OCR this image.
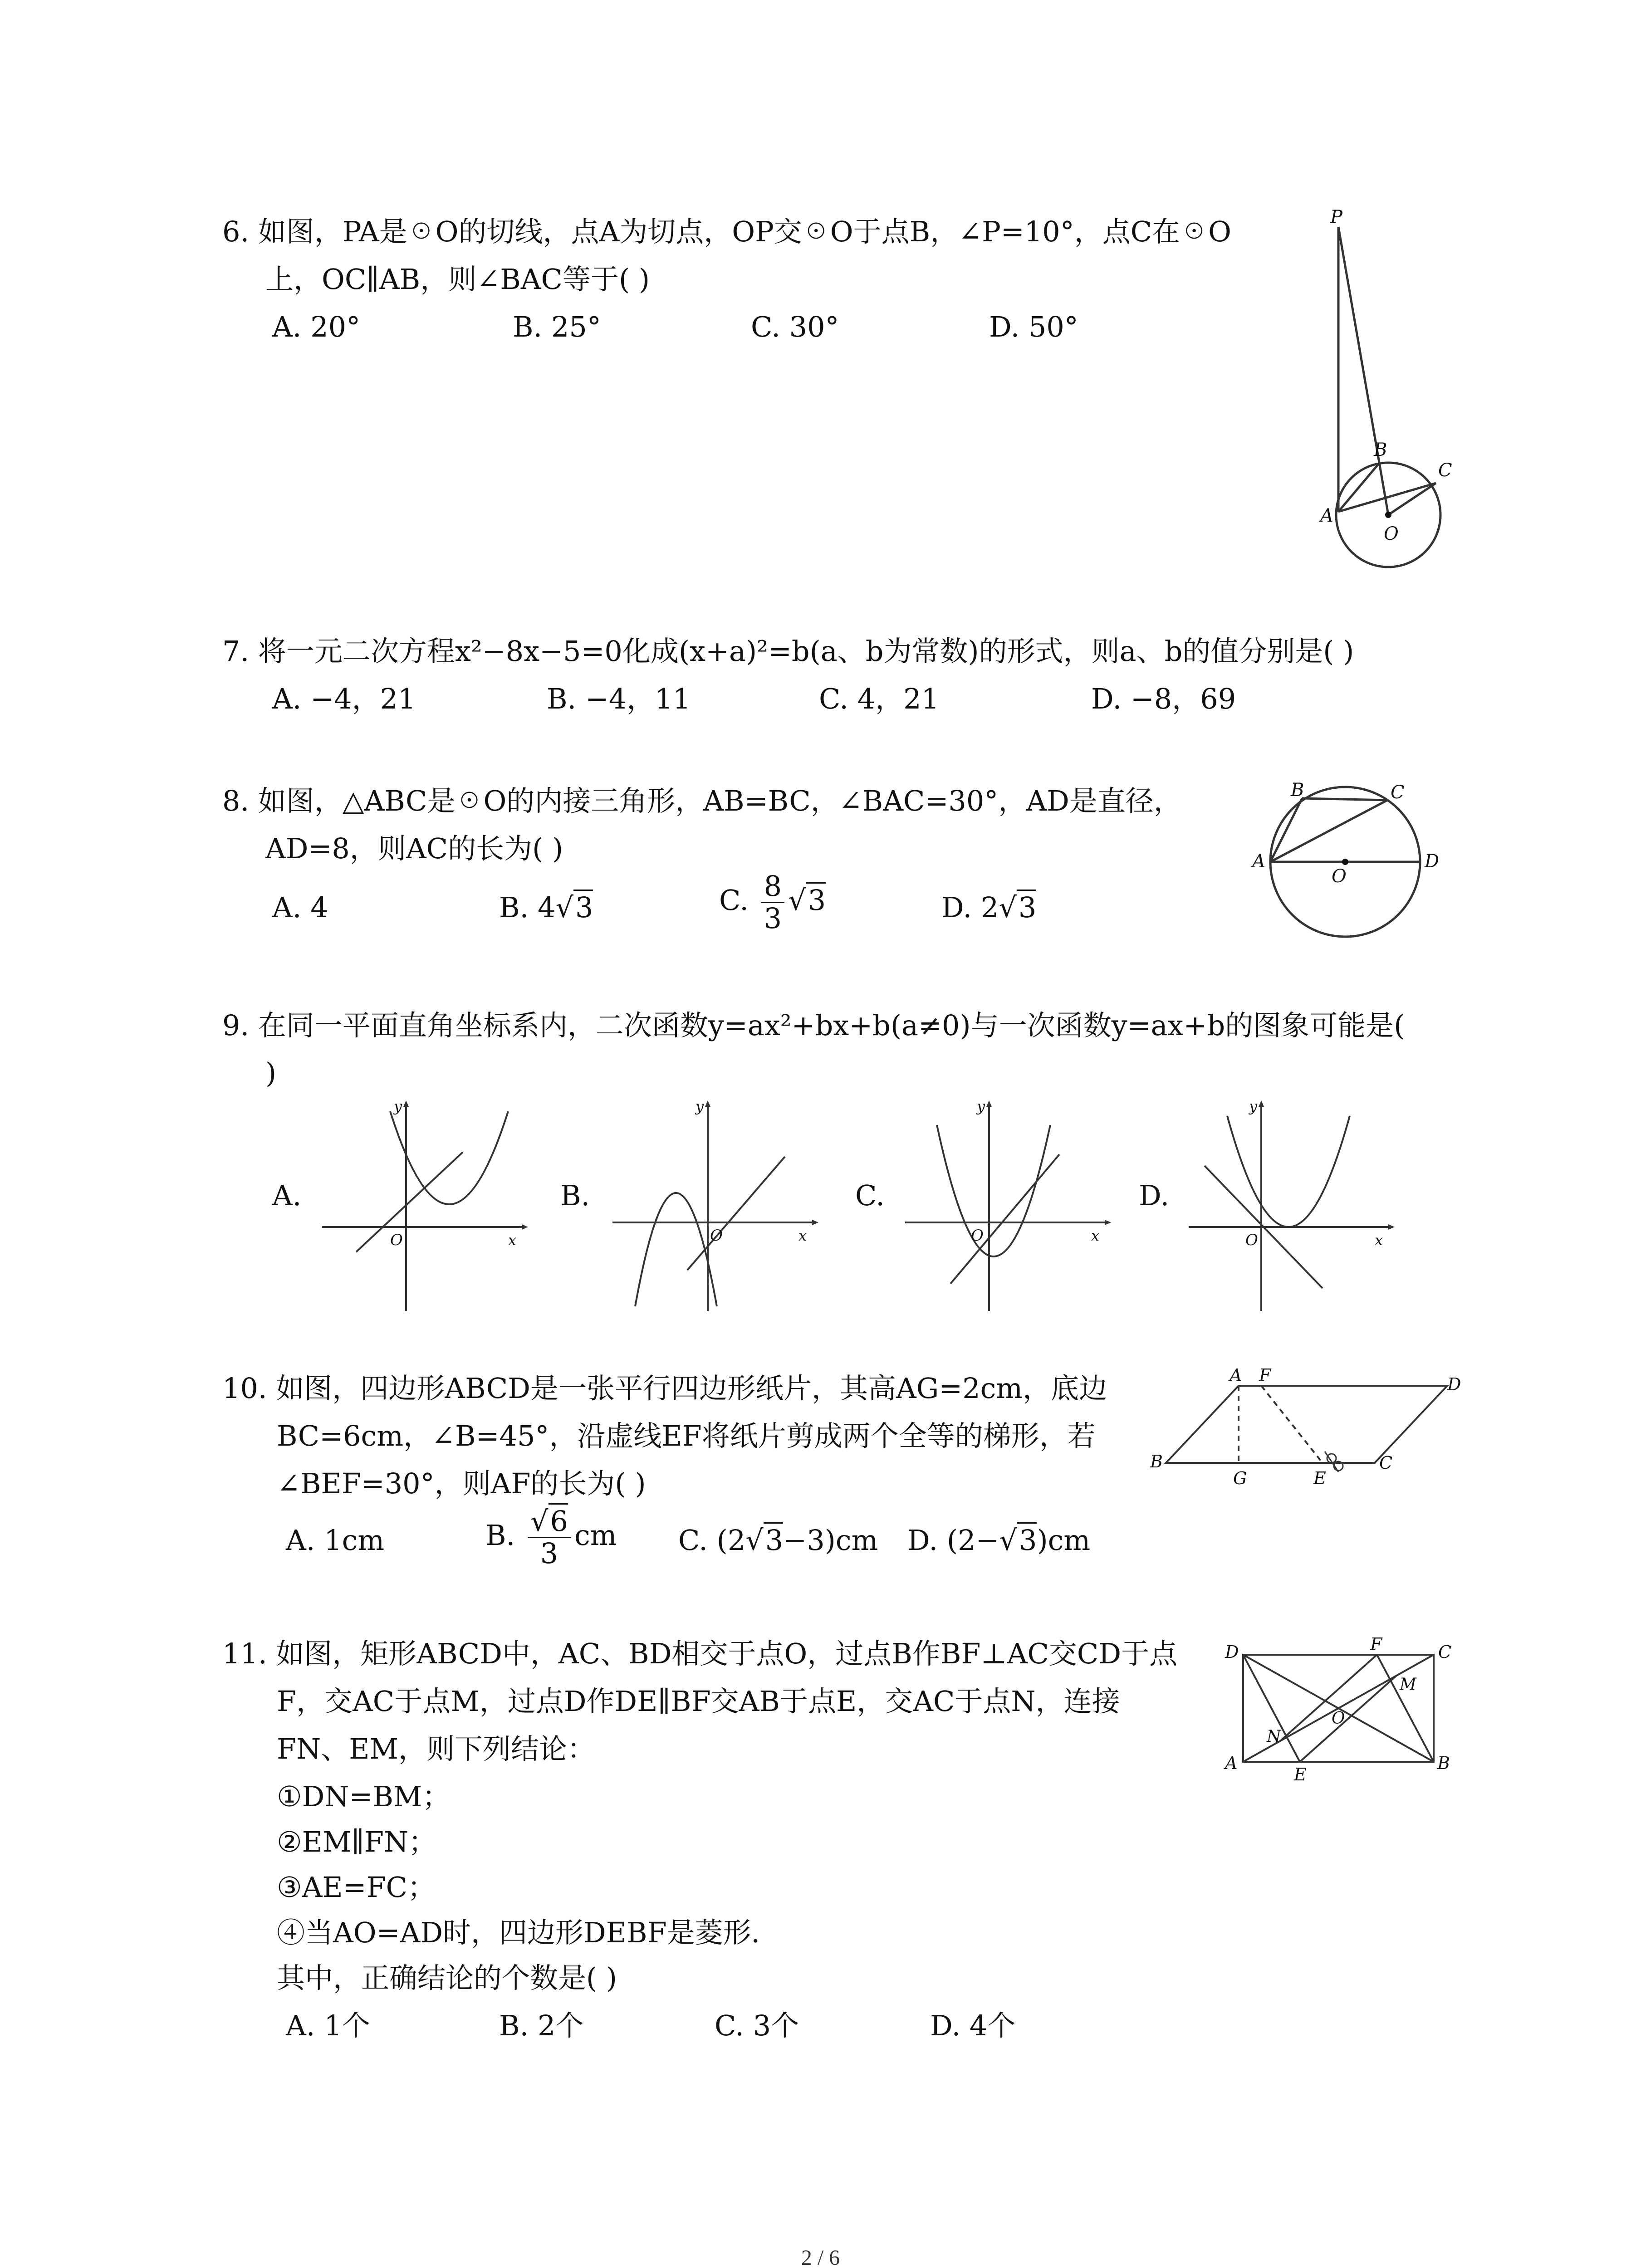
6. 如图，PA是☉O的切线，点A为切点，OP交☉O于点B，∠P=10°，点C在☉O
上，OC∥AB，则∠BAC等于( )
A. 20°	B. 25°	C. 30°	D. 50°
P
B
C
A
O
7. 将一元二次方程x²−8x−5=0化成(x+a)²=b(a、b为常数)的形式，则a、b的值分别是( )
A. −4，21	B. −4，11	C. 4，21	D. −8，69
8. 如图，△ABC是☉O的内接三角形，AB=BC，∠BAC=30°，AD是直径，
AD=8，则AC的长为( )
A. 4	B. 4 √ 3	C. $\frac{8}{3}$ √ 3	D. 2 √ 3
B	C
A	D
O
9. 在同一平面直角坐标系内，二次函数y=ax²+bx+b(a≠0)与一次函数y=ax+b的图象可能是(
)
A.	B.	C.	D.
y
x
O
y
x
O
y
x
O
y
x
O
10. 如图，四边形ABCD是一张平行四边形纸片，其高AG=2cm，底边
BC=6cm，∠B=45°，沿虚线EF将纸片剪成两个全等的梯形，若
∠BEF=30°，则AF的长为( )
A. 1cm	B. √ $\frac{6}{3}$ cm C. (2 √ 3−3)cm D. (2− √ 3)cm
A F	D
B
G	E
C
11. 如图，矩形ABCD中，AC、BD相交于点O，过点B作BF⊥AC交CD于点
F，交AC于点M，过点D作DE∥BF交AB于点E，交AC于点N，连接
FN、EM，则下列结论：
①DN=BM；
②EM∥FN；
③AE=FC；
④当AO=AD时，四边形DEBF是菱形．
其中，正确结论的个数是( )
A. 1个	B. 2个	C. 3个	D. 4个
D	F	C
M
O
N
A
E
B
2 / 6
